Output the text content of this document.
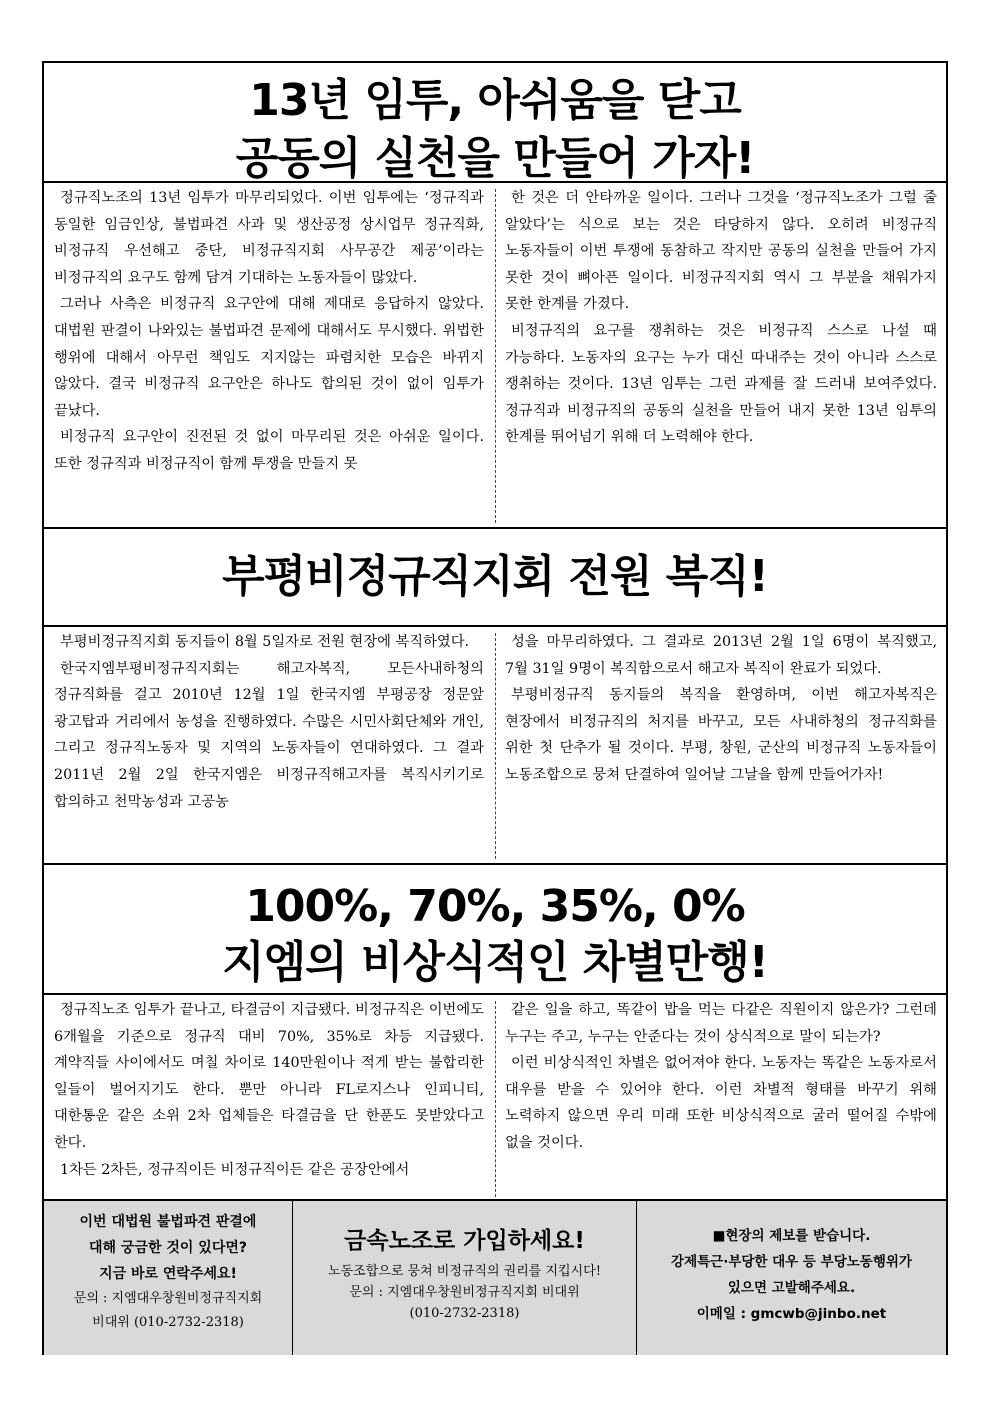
13년 임투, 아쉬움을 닫고
공동의 실천을 만들어 가자!

정규직노조의 13년 임투가 마무리되었다. 이번 임투에는 ‘정규직과 동일한 임금인상, 불법파견 사과 및 생산공정 상시업무 정규직화, 비정규직 우선해고 중단, 비정규직지회 사무공간 제공’이라는 비정규직의 요구도 함께 담겨 기대하는 노동자들이 많았다.

그러나 사측은 비정규직 요구안에 대해 제대로 응답하지 않았다. 대법원 판결이 나와있는 불법파견 문제에 대해서도 무시했다. 위법한 행위에 대해서 아무런 책임도 지지않는 파렴치한 모습은 바뀌지 않았다. 결국 비정규직 요구안은 하나도 합의된 것이 없이 임투가 끝났다.

비정규직 요구안이 진전된 것 없이 마무리된 것은 아쉬운 일이다. 또한 정규직과 비정규직이 함께 투쟁을 만들지 못

한 것은 더 안타까운 일이다. 그러나 그것을 ‘정규직노조가 그럴 줄 알았다’는 식으로 보는 것은 타당하지 않다. 오히려 비정규직 노동자들이 이번 투쟁에 동참하고 작지만 공동의 실천을 만들어 가지 못한 것이 뼈아픈 일이다. 비정규직지회 역시 그 부분을 채워가지 못한 한계를 가졌다.

비정규직의 요구를 쟁취하는 것은 비정규직 스스로 나설 때 가능하다. 노동자의 요구는 누가 대신 따내주는 것이 아니라 스스로 쟁취하는 것이다. 13년 임투는 그런 과제를 잘 드러내 보여주었다. 정규직과 비정규직의 공동의 실천을 만들어 내지 못한 13년 임투의 한계를 뛰어넘기 위해 더 노력해야 한다.

부평비정규직지회 전원 복직!

부평비정규직지회 동지들이 8월 5일자로 전원 현장에 복직하였다.

한국지엠부평비정규직지회는 해고자복직, 모든사내하청의 정규직화를 걸고 2010년 12월 1일 한국지엠 부평공장 정문앞 광고탑과 거리에서 농성을 진행하였다. 수많은 시민사회단체와 개인, 그리고 정규직노동자 및 지역의 노동자들이 연대하였다. 그 결과 2011년 2월 2일 한국지엠은 비정규직해고자를 복직시키기로 합의하고 천막농성과 고공농

성을 마무리하였다. 그 결과로 2013년 2월 1일 6명이 복직했고, 7월 31일 9명이 복직함으로서 해고자 복직이 완료가 되었다.

부평비정규직 동지들의 복직을 환영하며, 이번 해고자복직은 현장에서 비정규직의 처지를 바꾸고, 모든 사내하청의 정규직화를 위한 첫 단추가 될 것이다. 부평, 창원, 군산의 비정규직 노동자들이 노동조합으로 뭉쳐 단결하여 일어날 그날을 함께 만들어가자!

100%, 70%, 35%, 0%
지엠의 비상식적인 차별만행!

정규직노조 임투가 끝나고, 타결금이 지급됐다. 비정규직은 이번에도 6개월을 기준으로 정규직 대비 70%, 35%로 차등 지급됐다. 계약직들 사이에서도 며칠 차이로 140만원이나 적게 받는 불합리한 일들이 벌어지기도 한다. 뿐만 아니라 FL로지스나 인피니티, 대한통운 같은 소위 2차 업체들은 타결금을 단 한푼도 못받았다고 한다.

1차든 2차든, 정규직이든 비정규직이든 같은 공장안에서

같은 일을 하고, 똑같이 밥을 먹는 다같은 직원이지 않은가? 그런데 누구는 주고, 누구는 안준다는 것이 상식적으로 말이 되는가?

이런 비상식적인 차별은 없어져야 한다. 노동자는 똑같은 노동자로서 대우를 받을 수 있어야 한다. 이런 차별적 형태를 바꾸기 위해 노력하지 않으면 우리 미래 또한 비상식적으로 굴러 떨어질 수밖에 없을 것이다.

이번 대법원 불법파견 판결에
대해 궁금한 것이 있다면?
지금 바로 연락주세요!
문의 : 지엠대우창원비정규직지회
비대위 (010-2732-2318)
금속노조로 가입하세요!
노동조합으로 뭉쳐 비정규직의 권리를 지킵시다!
문의 : 지엠대우창원비정규직지회 비대위
(010-2732-2318)
■현장의 제보를 받습니다.
강제특근·부당한 대우 등 부당노동행위가
있으면 고발해주세요.
이메일 : gmcwb@jinbo.net
